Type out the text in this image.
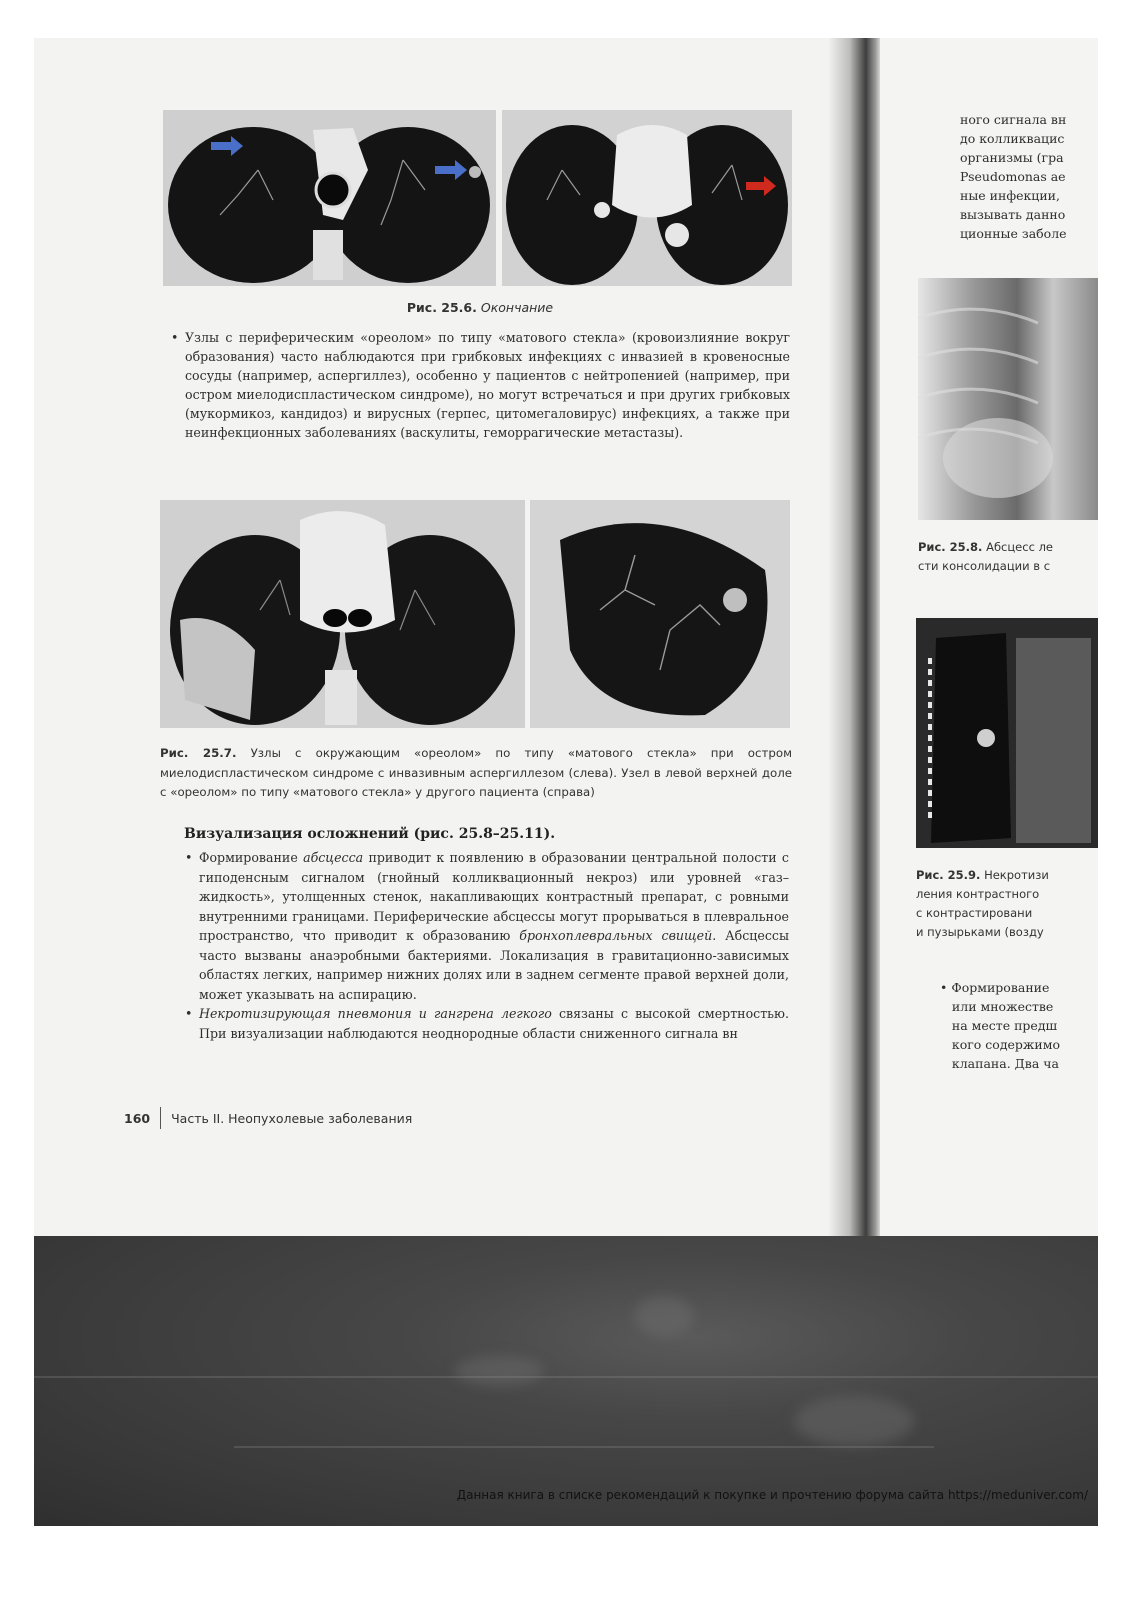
Рис. 25.6. Окончание
• Узлы с периферическим «ореолом» по типу «матового стекла» (кровоизлияние вокруг образования) часто наблюдаются при грибковых инфекциях с инвазией в кровеносные сосуды (например, аспергиллез), особенно у пациентов с нейтропенией (например, при остром миелодиспластическом синдроме), но могут встречаться и при других грибковых (мукормикоз, кандидоз) и вирусных (герпес, цитомегаловирус) инфекциях, а также при неинфекционных заболеваниях (васкулиты, геморрагические метастазы).
Рис. 25.7. Узлы с окружающим «ореолом» по типу «матового стекла» при остром миелодиспластическом синдроме с инвазивным аспергиллезом (слева). Узел в левой верхней доле с «ореолом» по типу «матового стекла» у другого пациента (справа)
Визуализация осложнений (рис. 25.8–25.11).
• Формирование абсцесса приводит к появлению в образовании центральной полости с гиподенсным сигналом (гнойный колликвационный некроз) или уровней «газ–жидкость», утолщенных стенок, накапливающих контрастный препарат, с ровными внутренними границами. Периферические абсцессы могут прорываться в плевральное пространство, что приводит к образованию бронхоплевральных свищей. Абсцессы часто вызваны анаэробными бактериями. Локализация в гравитационно-зависимых областях легких, например нижних долях или в заднем сегменте правой верхней доли, может указывать на аспирацию.
• Некротизирующая пневмония и гангрена легкого связаны с высокой смертностью. При визуализации наблюдаются неоднородные области сниженного сигнала вн
160 Часть II. Неопухолевые заболевания
ного сигнала вн
до колликвацис
организмы (гра
Pseudomonas ae
ные инфекции,
вызывать данно
ционные заболе
Рис. 25.8. Абсцесс ле
сти консолидации в с
Рис. 25.9. Некротизи
ления контрастного
с контрастировани
и пузырьками (возду
• Формирование
или множестве
на месте предш
кого содержимо
клапана. Два ча
Данная книга в списке рекомендаций к покупке и прочтению форума сайта https://meduniver.com/
